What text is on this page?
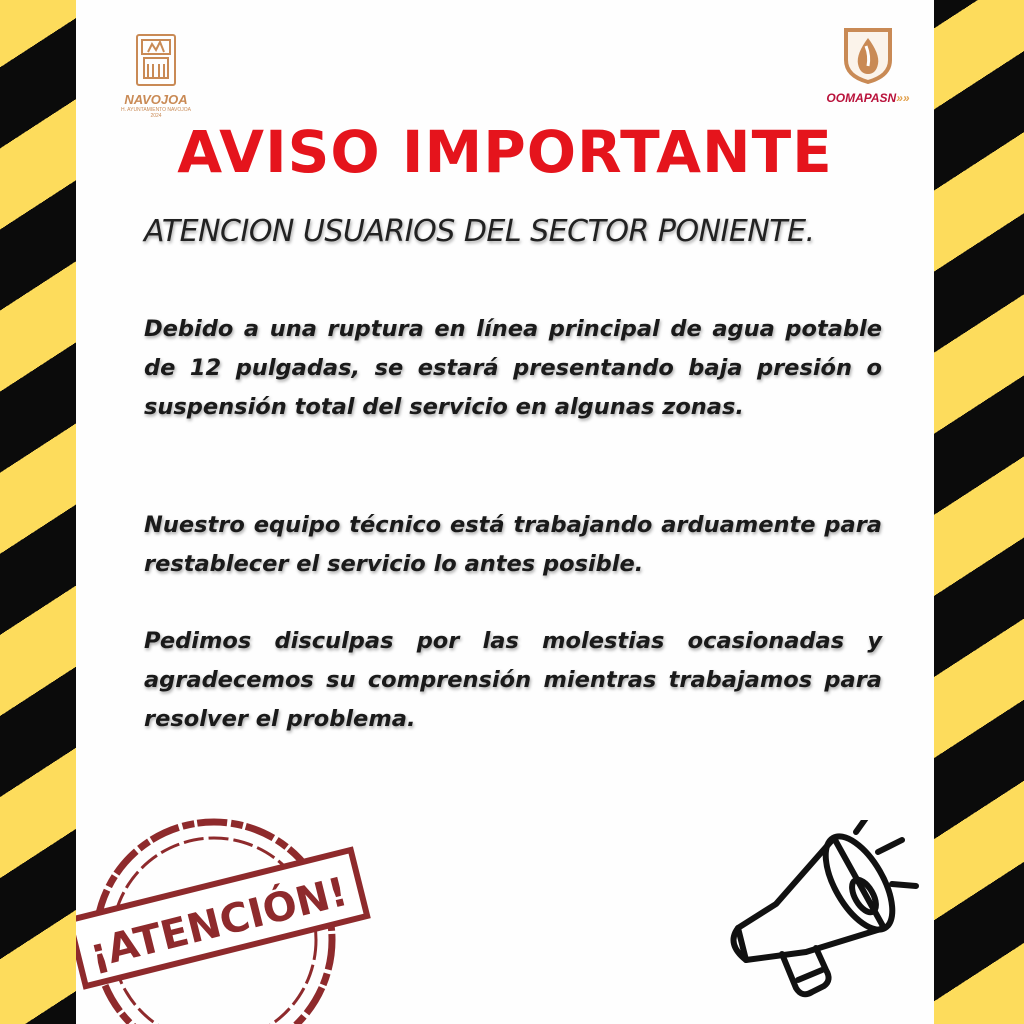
NAVOJOA
H. AYUNTAMIENTO NAVOJOA 2024
OOMAPASN»»
AVISO IMPORTANTE
ATENCION USUARIOS DEL SECTOR PONIENTE.
Debido a una ruptura en línea principal de agua potable de 12 pulgadas, se estará presentando baja presión o suspensión total del servicio en algunas zonas.
Nuestro equipo técnico está trabajando arduamente para restablecer el servicio lo antes posible.
Pedimos disculpas por las molestias ocasionadas y agradecemos su comprensión mientras trabajamos para resolver el problema.
¡ATENCIÓN!
